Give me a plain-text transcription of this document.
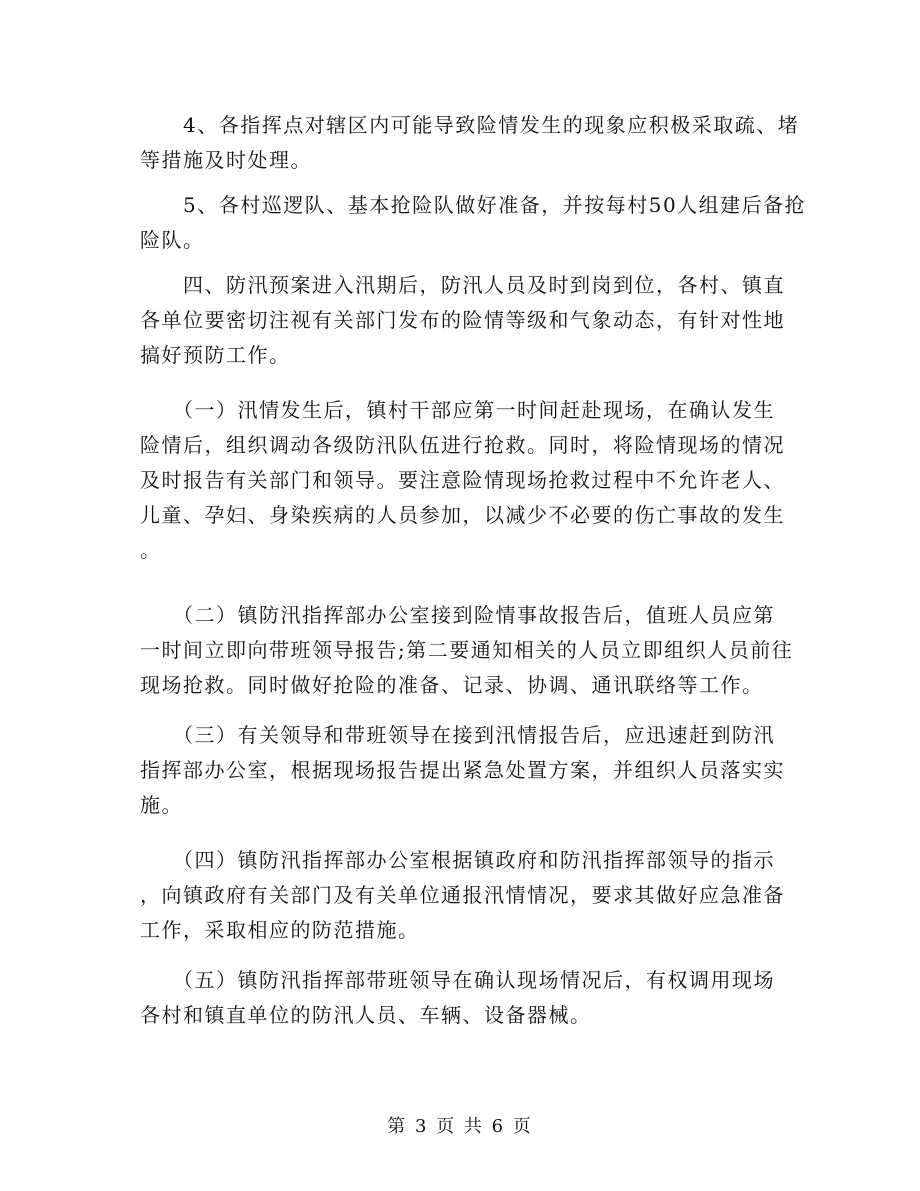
　　4、各指挥点对辖区内可能导致险情发生的现象应积极采取疏、堵
等措施及时处理。

　　5、各村巡逻队、基本抢险队做好准备，并按每村50人组建后备抢
险队。

　　四、防汛预案进入汛期后，防汛人员及时到岗到位，各村、镇直
各单位要密切注视有关部门发布的险情等级和气象动态，有针对性地
搞好预防工作。

　　（一）汛情发生后，镇村干部应第一时间赶赴现场，在确认发生
险情后，组织调动各级防汛队伍进行抢救。同时，将险情现场的情况
及时报告有关部门和领导。要注意险情现场抢救过程中不允许老人、
儿童、孕妇、身染疾病的人员参加，以减少不必要的伤亡事故的发生
。

　　（二）镇防汛指挥部办公室接到险情事故报告后，值班人员应第
一时间立即向带班领导报告;第二要通知相关的人员立即组织人员前往
现场抢救。同时做好抢险的准备、记录、协调、通讯联络等工作。

　　（三）有关领导和带班领导在接到汛情报告后，应迅速赶到防汛
指挥部办公室，根据现场报告提出紧急处置方案，并组织人员落实实
施。

　　（四）镇防汛指挥部办公室根据镇政府和防汛指挥部领导的指示
，向镇政府有关部门及有关单位通报汛情情况，要求其做好应急准备
工作，采取相应的防范措施。

　　（五）镇防汛指挥部带班领导在确认现场情况后，有权调用现场
各村和镇直单位的防汛人员、车辆、设备器械。

第 3 页 共 6 页
